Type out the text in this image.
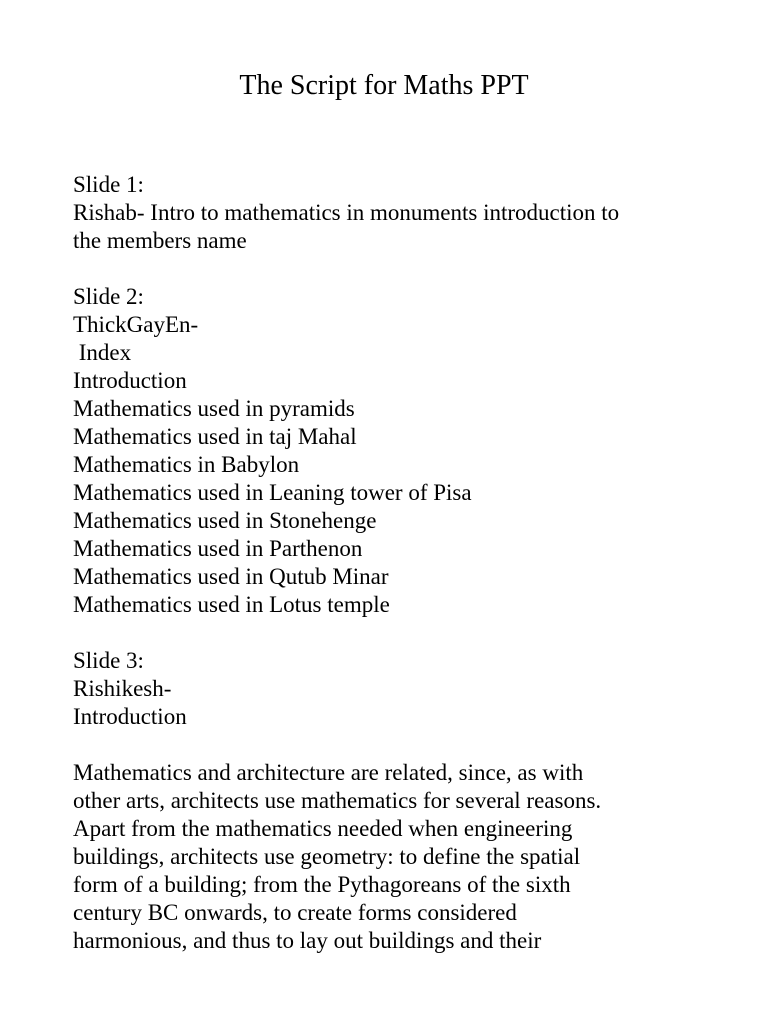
The Script for Maths PPT
Slide 1:
Rishab- Intro to mathematics in monuments introduction to
the members name
Slide 2:
ThickGayEn-
Index
Introduction
Mathematics used in pyramids
Mathematics used in taj Mahal
Mathematics in Babylon
Mathematics used in Leaning tower of Pisa
Mathematics used in Stonehenge
Mathematics used in Parthenon
Mathematics used in Qutub Minar
Mathematics used in Lotus temple
Slide 3:
Rishikesh-
Introduction
Mathematics and architecture are related, since, as with
other arts, architects use mathematics for several reasons.
Apart from the mathematics needed when engineering
buildings, architects use geometry: to define the spatial
form of a building; from the Pythagoreans of the sixth
century BC onwards, to create forms considered
harmonious, and thus to lay out buildings and their
